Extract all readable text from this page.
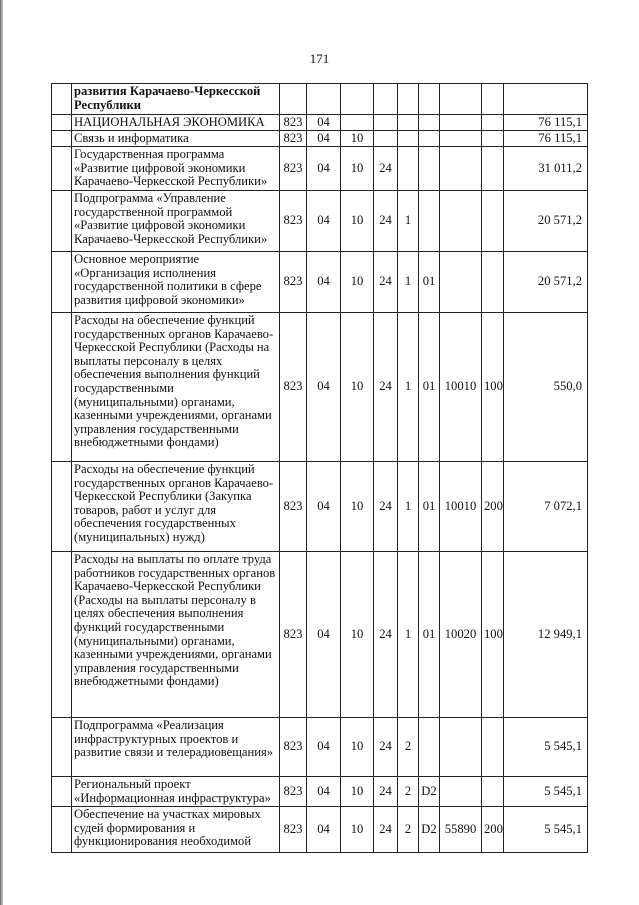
171
	развития Карачаево-Черкесской Республики									
	НАЦИОНАЛЬНАЯ ЭКОНОМИКА	823	04							76 115,1
	Связь и информатика	823	04	10						76 115,1
	Государственная программа «Развитие цифровой экономики Карачаево-Черкесской Республики»	823	04	10	24					31 011,2
	Подпрограмма «Управление государственной программой «Развитие цифровой экономики Карачаево-Черкесской Республики»	823	04	10	24	1				20 571,2
	Основное мероприятие «Организация исполнения государственной политики в сфере развития цифровой экономики»	823	04	10	24	1	01			20 571,2
	Расходы на обеспечение функций государственных органов Карачаево-Черкесской Республики (Расходы на выплаты персоналу в целях обеспечения выполнения функций государственными (муниципальными) органами, казенными учреждениями, органами управления государственными внебюджетными фондами)	823	04	10	24	1	01	10010	100	550,0
	Расходы на обеспечение функций государственных органов Карачаево-Черкесской Республики (Закупка товаров, работ и услуг для обеспечения государственных (муниципальных) нужд)	823	04	10	24	1	01	10010	200	7 072,1
	Расходы на выплаты по оплате труда работников государственных органов Карачаево-Черкесской Республики (Расходы на выплаты персоналу в целях обеспечения выполнения функций государственными (муниципальными) органами, казенными учреждениями, органами управления государственными внебюджетными фондами)	823	04	10	24	1	01	10020	100	12 949,1
	Подпрограмма «Реализация инфраструктурных проектов и развитие связи и телерадиовещания»	823	04	10	24	2				5 545,1
	Региональный проект «Информационная инфраструктура»	823	04	10	24	2	D2			5 545,1
	Обеспечение на участках мировых судей формирования и функционирования необходимой	823	04	10	24	2	D2	55890	200	5 545,1
